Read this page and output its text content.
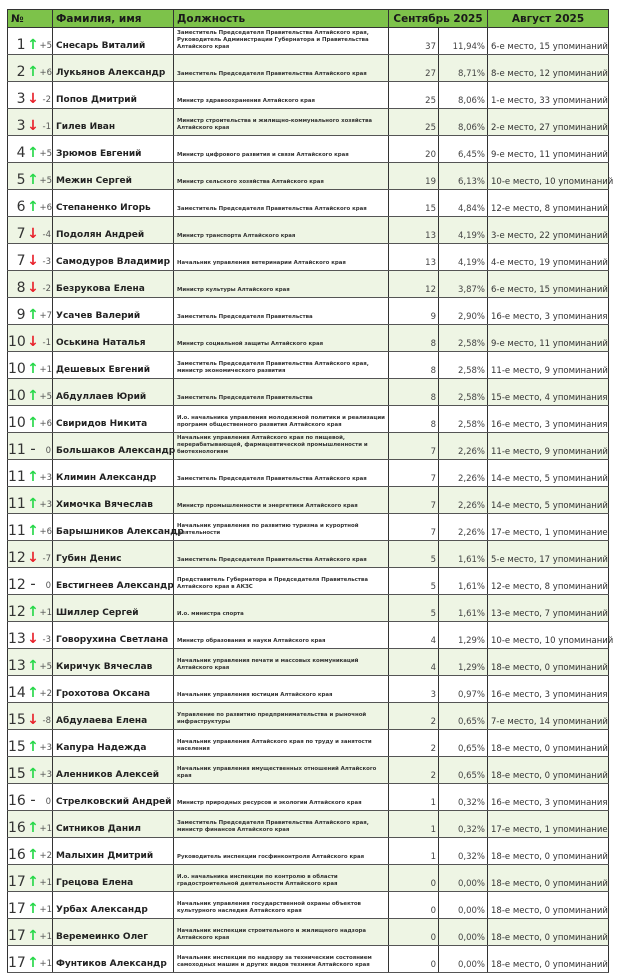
№			Фамилия, имя	Должность	Сентябрь 2025		Август 2025
1	↑	+5	Снесарь Виталий	Заместитель Председателя Правительства Алтайского края, Руководитель Администрации Губернатора и Правительства Алтайского края	37	11,94%	6-е место, 15 упоминаний
2	↑	+6	Лукьянов Александр	Заместитель Председателя Правительства Алтайского края	27	8,71%	8-е место, 12 упоминаний
3	↓	-2	Попов Дмитрий	Министр здравоохранения Алтайского края	25	8,06%	1-е место, 33 упоминаний
3	↓	-1	Гилев Иван	Министр строительства и жилищно-коммунального хозяйства Алтайского края	25	8,06%	2-е место, 27 упоминаний
4	↑	+5	Зрюмов Евгений	Министр цифрового развития и связи Алтайского края	20	6,45%	9-е место, 11 упоминаний
5	↑	+5	Межин Сергей	Министр сельского хозяйства Алтайского края	19	6,13%	10-е место, 10 упоминаний
6	↑	+6	Степаненко Игорь	Заместитель Председателя Правительства Алтайского края	15	4,84%	12-е место, 8 упоминаний
7	↓	-4	Подолян Андрей	Министр транспорта Алтайского края	13	4,19%	3-е место, 22 упоминаний
7	↓	-3	Самодуров Владимир	Начальник управления ветеринарии Алтайского края	13	4,19%	4-е место, 19 упоминаний
8	↓	-2	Безрукова Елена	Министр культуры Алтайского края	12	3,87%	6-е место, 15 упоминаний
9	↑	+7	Усачев Валерий	Заместитель Председателя Правительства	9	2,90%	16-е место, 3 упоминания
10	↓	-1	Оськина Наталья	Министр социальной защиты Алтайского края	8	2,58%	9-е место, 11 упоминаний
10	↑	+1	Дешевых Евгений	Заместитель Председателя Правительства Алтайского края, министр экономического развития	8	2,58%	11-е место, 9 упоминаний
10	↑	+5	Абдуллаев Юрий	Заместитель Председателя Правительства	8	2,58%	15-е место, 4 упоминания
10	↑	+6	Свиридов Никита	И.о. начальника управления молодежной политики и реализации программ общественного развития Алтайского края	8	2,58%	16-е место, 3 упоминания
11	–	0	Большаков Александр	Начальник управления Алтайского края по пищевой, перерабатывающей, фармацевтической промышленности и биотехнологиям	7	2,26%	11-е место, 9 упоминаний
11	↑	+3	Климин Александр	Заместитель Председателя Правительства Алтайского края	7	2,26%	14-е место, 5 упоминаний
11	↑	+3	Химочка Вячеслав	Министр промышленности и энергетики Алтайского края	7	2,26%	14-е место, 5 упоминаний
11	↑	+6	Барышников Александр	Начальник управления по развитию туризма и курортной деятельности	7	2,26%	17-е место, 1 упоминание
12	↓	-7	Губин Денис	Заместитель Председателя Правительства Алтайского края	5	1,61%	5-е место, 17 упоминаний
12	–	0	Евстигнеев Александр	Представитель Губернатора и Председателя Правительства Алтайского края в АКЗС	5	1,61%	12-е место, 8 упоминаний
12	↑	+1	Шиллер Сергей	И.о. министра спорта	5	1,61%	13-е место, 7 упоминаний
13	↓	-3	Говорухина Светлана	Министр образования и науки Алтайского края	4	1,29%	10-е место, 10 упоминаний
13	↑	+5	Киричук Вячеслав	Начальник управления печати и массовых коммуникаций Алтайского края	4	1,29%	18-е место, 0 упоминаний
14	↑	+2	Грохотова Оксана	Начальник управления юстиции Алтайского края	3	0,97%	16-е место, 3 упоминания
15	↓	-8	Абдулаева Елена	Управление по развитию предпринимательства и рыночной инфраструктуры	2	0,65%	7-е место, 14 упоминаний
15	↑	+3	Капура Надежда	Начальник управления Алтайского края по труду и занятости населения	2	0,65%	18-е место, 0 упоминаний
15	↑	+3	Аленников Алексей	Начальник управления имущественных отношений Алтайского края	2	0,65%	18-е место, 0 упоминаний
16	–	0	Стрелковский Андрей	Министр природных ресурсов и экологии Алтайского края	1	0,32%	16-е место, 3 упоминания
16	↑	+1	Ситников Данил	Заместитель Председателя Правительства Алтайского края, министр финансов Алтайского края	1	0,32%	17-е место, 1 упоминание
16	↑	+2	Малыхин Дмитрий	Руководитель инспекции госфинконтроля Алтайского края	1	0,32%	18-е место, 0 упоминаний
17	↑	+1	Грецова Елена	И.о. начальника инспекции по контролю в области градостроительной деятельности Алтайского края	0	0,00%	18-е место, 0 упоминаний
17	↑	+1	Урбах Александр	Начальник управления государственной охраны объектов культурного наследия Алтайского края	0	0,00%	18-е место, 0 упоминаний
17	↑	+1	Веремеинко Олег	Начальник инспекции строительного и жилищного надзора Алтайского края	0	0,00%	18-е место, 0 упоминаний
17	↑	+1	Фунтиков Александр	Начальник инспекции по надзору за техническим состоянием самоходных машин и других видов техники Алтайского края	0	0,00%	18-е место, 0 упоминаний
